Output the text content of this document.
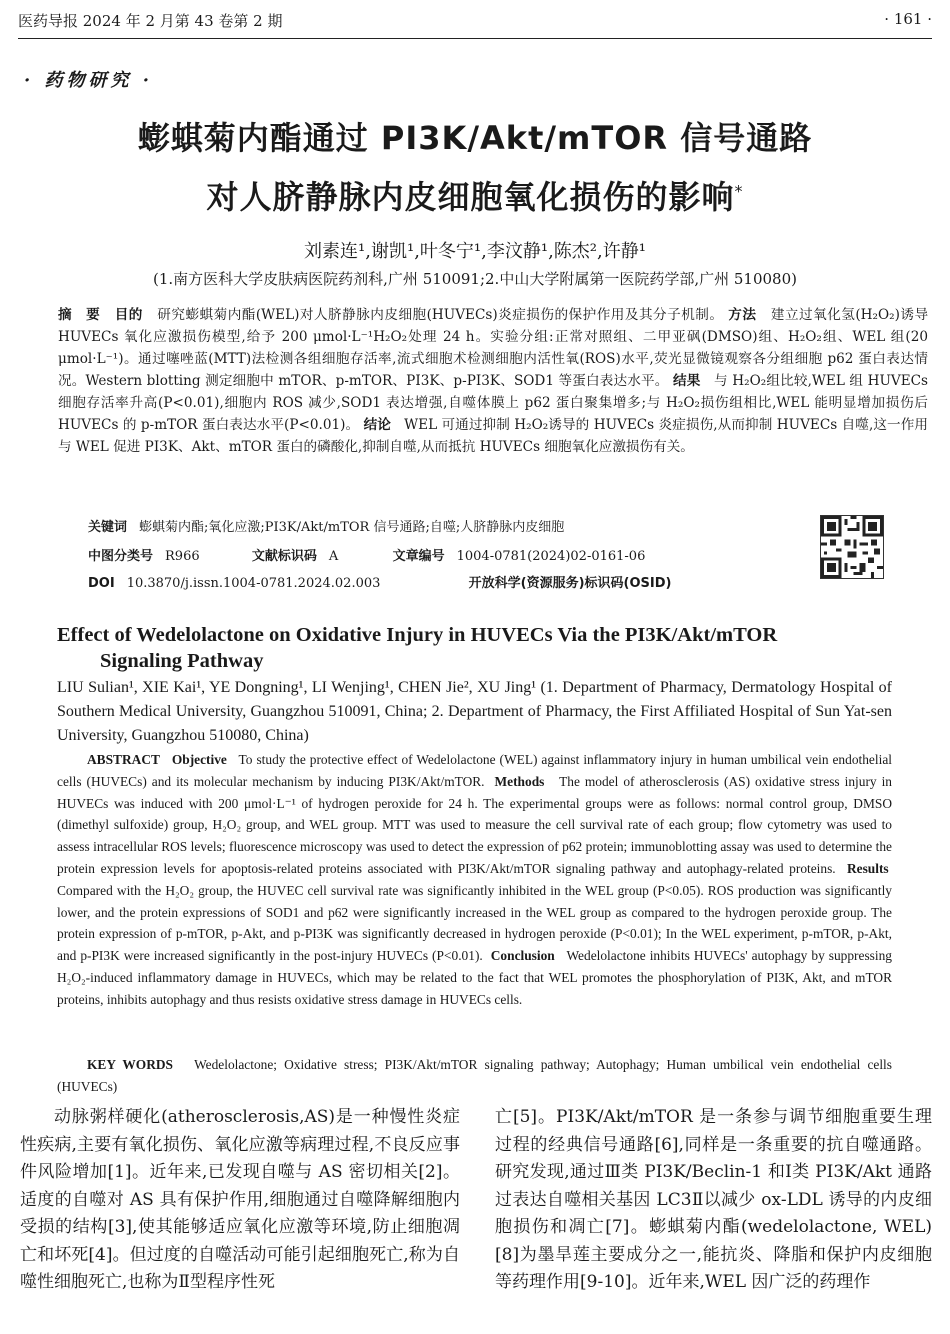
医药导报 2024 年 2 月第 43 卷第 2 期	· 161 ·
· 药物研究 ·
蟛蜞菊内酯通过 PI3K/Akt/mTOR 信号通路
对人脐静脉内皮细胞氧化损伤的影响*
刘素连¹,谢凯¹,叶冬宁¹,李汶静¹,陈杰²,许静¹
(1.南方医科大学皮肤病医院药剂科,广州 510091;2.中山大学附属第一医院药学部,广州 510080)
摘　要 目的 研究蟛蜞菊内酯(WEL)对人脐静脉内皮细胞(HUVECs)炎症损伤的保护作用及其分子机制。 方法 建立过氧化氢(H₂O₂)诱导 HUVECs 氧化应激损伤模型,给予 200 μmol·L⁻¹H₂O₂处理 24 h。实验分组:正常对照组、二甲亚砜(DMSO)组、H₂O₂组、WEL 组(20 μmol·L⁻¹)。通过噻唑蓝(MTT)法检测各组细胞存活率,流式细胞术检测细胞内活性氧(ROS)水平,荧光显微镜观察各分组细胞 p62 蛋白表达情况。Western blotting 测定细胞中 mTOR、p-mTOR、PI3K、p-PI3K、SOD1 等蛋白表达水平。 结果 与 H₂O₂组比较,WEL 组 HUVECs 细胞存活率升高(P<0.01),细胞内 ROS 减少,SOD1 表达增强,自噬体膜上 p62 蛋白聚集增多;与 H₂O₂损伤组相比,WEL 能明显增加损伤后 HUVECs 的 p-mTOR 蛋白表达水平(P<0.01)。 结论 WEL 可通过抑制 H₂O₂诱导的 HUVECs 炎症损伤,从而抑制 HUVECs 自噬,这一作用与 WEL 促进 PI3K、Akt、mTOR 蛋白的磷酸化,抑制自噬,从而抵抗 HUVECs 细胞氧化应激损伤有关。
关键词 蟛蜞菊内酯;氧化应激;PI3K/Akt/mTOR 信号通路;自噬;人脐静脉内皮细胞
中图分类号 R966	文献标识码 A	文章编号 1004-0781(2024)02-0161-06
DOI 10.3870/j.issn.1004-0781.2024.02.003	开放科学(资源服务)标识码(OSID)
Effect of Wedelolactone on Oxidative Injury in HUVECs Via the PI3K/Akt/mTOR
Signaling Pathway
LIU Sulian¹, XIE Kai¹, YE Dongning¹, LI Wenjing¹, CHEN Jie², XU Jing¹ (1. Department of Pharmacy, Dermatology Hospital of Southern Medical University, Guangzhou 510091, China; 2. Department of Pharmacy, the First Affiliated Hospital of Sun Yat-sen University, Guangzhou 510080, China)
ABSTRACT Objective To study the protective effect of Wedelolactone (WEL) against inflammatory injury in human umbilical vein endothelial cells (HUVECs) and its molecular mechanism by inducing PI3K/Akt/mTOR. Methods The model of atherosclerosis (AS) oxidative stress injury in HUVECs was induced with 200 μmol·L⁻¹ of hydrogen peroxide for 24 h. The experimental groups were as follows: normal control group, DMSO (dimethyl sulfoxide) group, H₂O₂ group, and WEL group. MTT was used to measure the cell survival rate of each group; flow cytometry was used to assess intracellular ROS levels; fluorescence microscopy was used to detect the expression of p62 protein; immunoblotting assay was used to determine the protein expression levels for apoptosis-related proteins associated with PI3K/Akt/mTOR signaling pathway and autophagy-related proteins. Results  Compared with the H₂O₂ group, the HUVEC cell survival rate was significantly inhibited in the WEL group (P<0.05). ROS production was significantly lower, and the protein expressions of SOD1 and p62 were significantly increased in the WEL group as compared to the hydrogen peroxide group. The protein expression of p-mTOR, p-Akt, and p-PI3K was significantly decreased in hydrogen peroxide (P<0.01); In the WEL experiment, p-mTOR, p-Akt, and p-PI3K were increased significantly in the post-injury HUVECs (P<0.01). Conclusion Wedelolactone inhibits HUVECs' autophagy by suppressing H₂O₂-induced inflammatory damage in HUVECs, which may be related to the fact that WEL promotes the phosphorylation of PI3K, Akt, and mTOR proteins, inhibits autophagy and thus resists oxidative stress damage in HUVECs cells.
KEY WORDS Wedelolactone; Oxidative stress; PI3K/Akt/mTOR signaling pathway; Autophagy; Human umbilical vein endothelial cells (HUVECs)

动脉粥样硬化(atherosclerosis,AS)是一种慢性炎症性疾病,主要有氧化损伤、氧化应激等病理过程,不良反应事件风险增加[1]。近年来,已发现自噬与 AS 密切相关[2]。适度的自噬对 AS 具有保护作用,细胞通过自噬降解细胞内受损的结构[3],使其能够适应氧化应激等环境,防止细胞凋亡和坏死[4]。但过度的自噬活动可能引起细胞死亡,称为自噬性细胞死亡,也称为Ⅱ型程序性死

亡[5]。PI3K/Akt/mTOR 是一条参与调节细胞重要生理过程的经典信号通路[6],同样是一条重要的抗自噬通路。研究发现,通过Ⅲ类 PI3K/Beclin-1 和Ⅰ类 PI3K/Akt 通路过表达自噬相关基因 LC3Ⅱ以减少 ox-LDL 诱导的内皮细胞损伤和凋亡[7]。蟛蜞菊内酯(wedelolactone, WEL)[8]为墨旱莲主要成分之一,能抗炎、降脂和保护内皮细胞等药理作用[9-10]。近年来,WEL 因广泛的药理作
